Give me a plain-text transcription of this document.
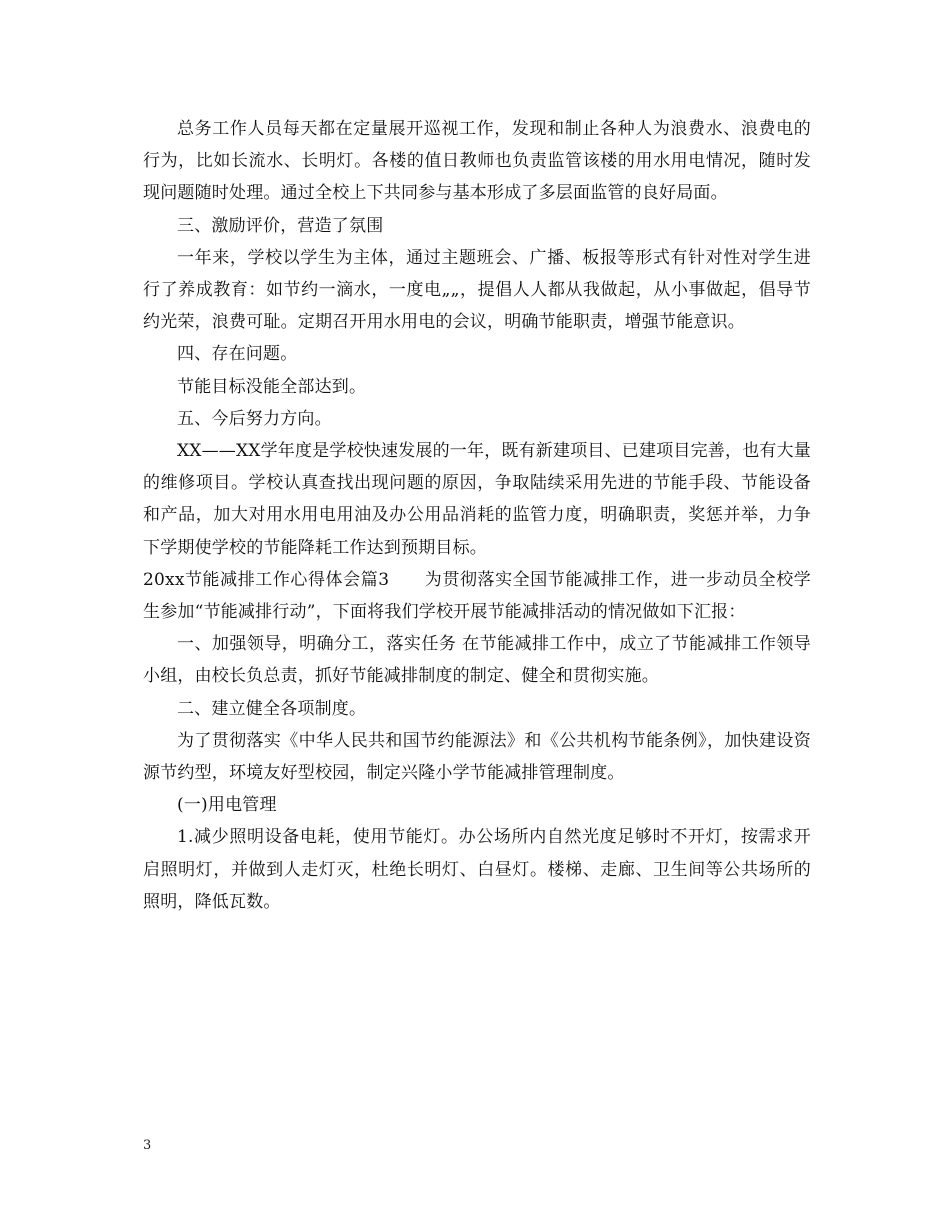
总务工作人员每天都在定量展开巡视工作，发现和制止各种人为浪费水、浪费电的行为，比如长流水、长明灯。各楼的值日教师也负责监管该楼的用水用电情况，随时发现问题随时处理。通过全校上下共同参与基本形成了多层面监管的良好局面。

三、激励评价，营造了氛围

一年来，学校以学生为主体，通过主题班会、广播、板报等形式有针对性对学生进行了养成教育：如节约一滴水，一度电„„，提倡人人都从我做起，从小事做起，倡导节约光荣，浪费可耻。定期召开用水用电的会议，明确节能职责，增强节能意识。

四、存在问题。

节能目标没能全部达到。

五、今后努力方向。

XX——XX学年度是学校快速发展的一年，既有新建项目、已建项目完善，也有大量的维修项目。学校认真查找出现问题的原因，争取陆续采用先进的节能手段、节能设备和产品，加大对用水用电用油及办公用品消耗的监管力度，明确职责，奖惩并举，力争下学期使学校的节能降耗工作达到预期目标。

20xx节能减排工作心得体会篇3　　为贯彻落实全国节能减排工作，进一步动员全校学生参加“节能减排行动”，下面将我们学校开展节能减排活动的情况做如下汇报：

一、加强领导，明确分工，落实任务 在节能减排工作中，成立了节能减排工作领导小组，由校长负总责，抓好节能减排制度的制定、健全和贯彻实施。

二、建立健全各项制度。

为了贯彻落实《中华人民共和国节约能源法》和《公共机构节能条例》，加快建设资源节约型，环境友好型校园，制定兴隆小学节能减排管理制度。

(一)用电管理

1.减少照明设备电耗，使用节能灯。办公场所内自然光度足够时不开灯，按需求开启照明灯，并做到人走灯灭，杜绝长明灯、白昼灯。楼梯、走廊、卫生间等公共场所的照明，降低瓦数。

3
